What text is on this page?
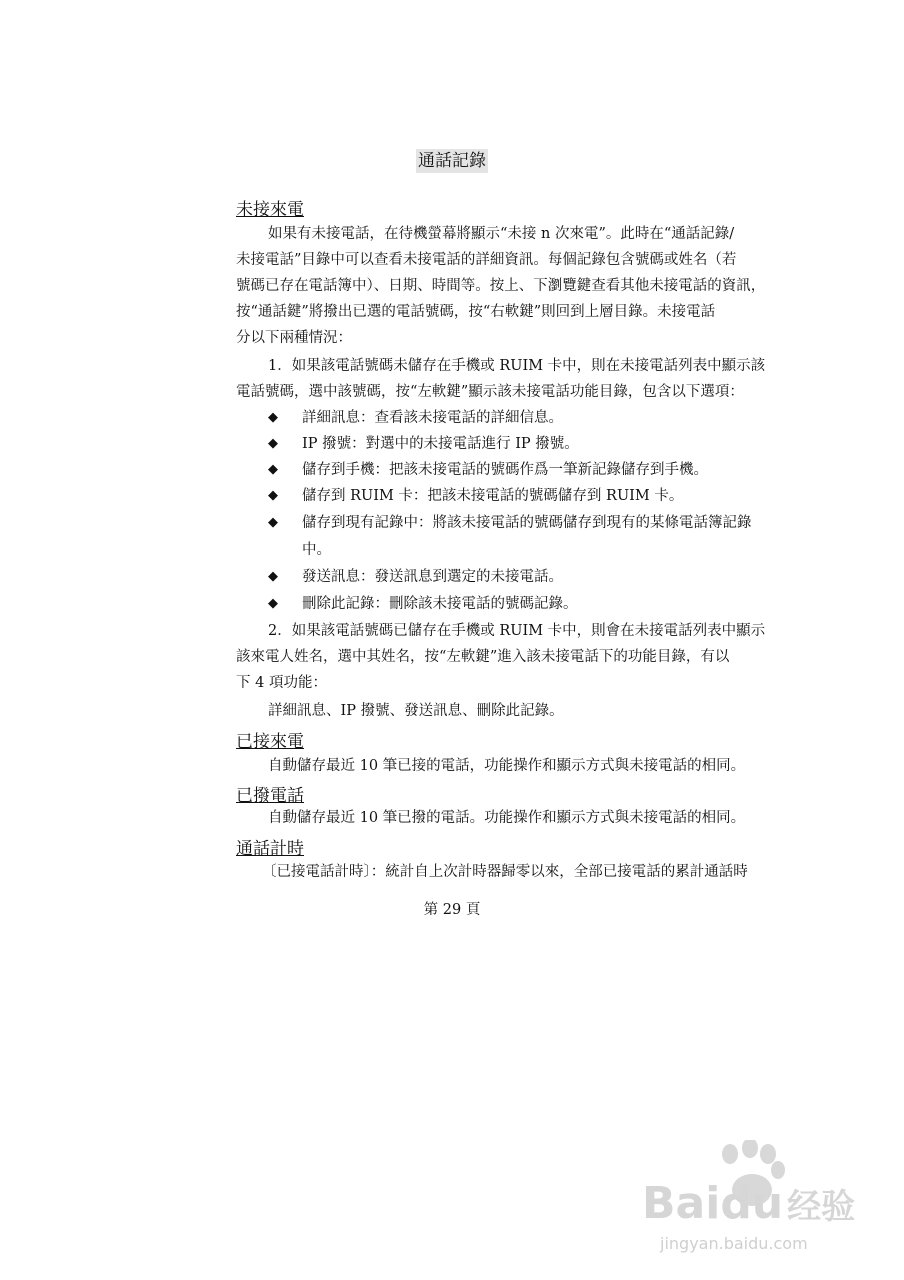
通話記錄
未接來電
如果有未接電話，在待機螢幕將顯示“未接 n 次來電”。此時在“通話記錄/
未接電話”目錄中可以查看未接電話的詳細資訊。每個記錄包含號碼或姓名（若
號碼已存在電話簿中）、日期、時間等。按上、下瀏覽鍵查看其他未接電話的資訊，
按“通話鍵”將撥出已選的電話號碼，按“右軟鍵”則回到上層目錄。未接電話
分以下兩種情況：
1．如果該電話號碼未儲存在手機或 RUIM 卡中，則在未接電話列表中顯示該
電話號碼，選中該號碼，按“左軟鍵”顯示該未接電話功能目錄，包含以下選項：
◆ 詳細訊息：查看該未接電話的詳細信息。
◆ IP 撥號：對選中的未接電話進行 IP 撥號。
◆ 儲存到手機：把該未接電話的號碼作爲一筆新記錄儲存到手機。
◆ 儲存到 RUIM 卡：把該未接電話的號碼儲存到 RUIM 卡。
◆ 儲存到現有記錄中：將該未接電話的號碼儲存到現有的某條電話簿記錄
中。
◆ 發送訊息：發送訊息到選定的未接電話。
◆ 刪除此記錄：刪除該未接電話的號碼記錄。
2．如果該電話號碼已儲存在手機或 RUIM 卡中，則會在未接電話列表中顯示
該來電人姓名，選中其姓名，按“左軟鍵”進入該未接電話下的功能目錄，有以
下 4 項功能：
詳細訊息、IP 撥號、發送訊息、刪除此記錄。
已接來電
自動儲存最近 10 筆已接的電話，功能操作和顯示方式與未接電話的相同。
已撥電話
自動儲存最近 10 筆已撥的電話。功能操作和顯示方式與未接電話的相同。
通話計時
〔已接電話計時〕：統計自上次計時器歸零以來，全部已接電話的累計通話時
第 29 頁
Baidu 经验
jingyan.baidu.com
